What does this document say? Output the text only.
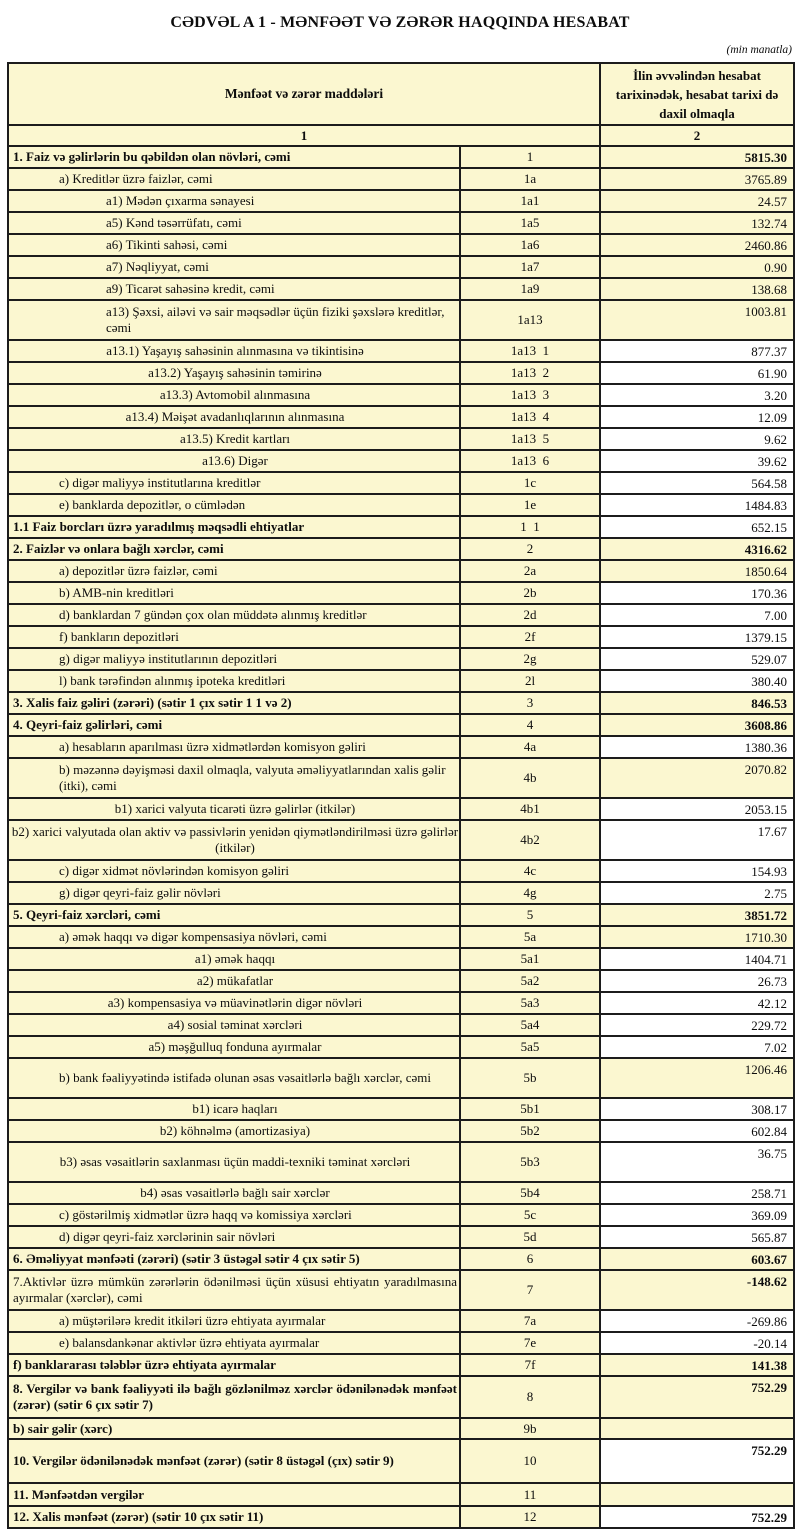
CƏDVƏL A 1 - MƏNFƏƏT VƏ ZƏRƏR HAQQINDA HESABAT
(min manatla)
Mənfəət və zərər maddələri		İlin əvvəlindən hesabat tarixinədək, hesabat tarixi də daxil olmaqla

1		2

1. Faiz və gəlirlərin bu qəbildən olan növləri, cəmi	1	5815.30

a) Kreditlər üzrə faizlər, cəmi	1a	3765.89

a1) Mədən çıxarma sənayesi	1a1	24.57

a5) Kənd təsərrüfatı, cəmi	1a5	132.74

a6) Tikinti sahəsi, cəmi	1a6	2460.86

a7) Nəqliyyat, cəmi	1a7	0.90

a9) Ticarət sahəsinə kredit, cəmi	1a9	138.68

a13) Şəxsi, ailəvi və sair məqsədlər üçün fiziki şəxslərə kreditlər, cəmi	1a13	1003.81

a13.1) Yaşayış sahəsinin alınmasına və tikintisinə	1a13  1	877.37

a13.2) Yaşayış sahəsinin təmirinə	1a13  2	61.90

a13.3) Avtomobil alınmasına	1a13  3	3.20

a13.4) Məişət avadanlıqlarının alınmasına	1a13  4	12.09

a13.5) Kredit kartları	1a13  5	9.62

a13.6) Digər	1a13  6	39.62

c) digər maliyyə institutlarına kreditlər	1c	564.58

e) banklarda depozitlər, o cümlədən	1e	1484.83

1.1 Faiz borcları üzrə yaradılmış məqsədli ehtiyatlar	1  1	652.15

2. Faizlər və onlara bağlı xərclər, cəmi	2	4316.62

a) depozitlər üzrə faizlər, cəmi	2a	1850.64

b) AMB-nin kreditləri	2b	170.36

d) banklardan 7 gündən çox olan müddətə alınmış kreditlər	2d	7.00

f) bankların depozitləri	2f	1379.15

g) digər maliyyə institutlarının depozitləri	2g	529.07

l) bank tərəfindən alınmış ipoteka kreditləri	2l	380.40

3. Xalis faiz gəliri (zərəri) (sətir 1 çıx sətir 1 1 və 2)	3	846.53

4. Qeyri-faiz gəlirləri, cəmi	4	3608.86

a) hesabların aparılması üzrə xidmətlərdən komisyon gəliri	4a	1380.36

b) məzənnə dəyişməsi daxil olmaqla, valyuta əməliyyatlarından xalis gəlir (itki), cəmi	4b	2070.82

b1) xarici valyuta ticarəti üzrə gəlirlər (itkilər)	4b1	2053.15

b2) xarici valyutada olan aktiv və passivlərin yenidən qiymətləndirilməsi üzrə gəlirlər (itkilər)	4b2	17.67

c) digər xidmət növlərindən komisyon gəliri	4c	154.93

g) digər qeyri-faiz gəlir növləri	4g	2.75

5. Qeyri-faiz xərcləri, cəmi	5	3851.72

a) əmək haqqı və digər kompensasiya növləri, cəmi	5a	1710.30

a1) əmək haqqı	5a1	1404.71

a2) mükafatlar	5a2	26.73

a3) kompensasiya və müavinətlərin digər növləri	5a3	42.12

a4) sosial təminat xərcləri	5a4	229.72

a5) məşğulluq fonduna ayırmalar	5a5	7.02

b) bank fəaliyyətində istifadə olunan əsas vəsaitlərlə bağlı xərclər, cəmi	5b	1206.46

b1) icarə haqları	5b1	308.17

b2) köhnəlmə (amortizasiya)	5b2	602.84

b3) əsas vəsaitlərin saxlanması üçün maddi-texniki təminat xərcləri	5b3	36.75

b4) əsas vəsaitlərlə bağlı sair xərclər	5b4	258.71

c) göstərilmiş xidmətlər üzrə haqq və komissiya xərcləri	5c	369.09

d) digər qeyri-faiz xərclərinin sair növləri	5d	565.87

6. Əməliyyat mənfəəti (zərəri) (sətir 3 üstəgəl sətir 4 çıx sətir 5)	6	603.67

7.Aktivlər üzrə mümkün zərərlərin ödənilməsi üçün xüsusi ehtiyatın yaradılmasına ayırmalar (xərclər), cəmi	7	-148.62

a) müştərilərə kredit itkiləri üzrə ehtiyata ayırmalar	7a	-269.86

e) balansdankənar aktivlər üzrə ehtiyata ayırmalar	7e	-20.14

f) banklararası tələblər üzrə ehtiyata ayırmalar	7f	141.38

8. Vergilər və bank fəaliyyəti ilə bağlı gözlənilməz xərclər ödənilənədək mənfəət (zərər) (sətir 6 çıx sətir 7)	8	752.29

b) sair gəlir (xərc)	9b	

10. Vergilər ödənilənədək mənfəət (zərər) (sətir 8 üstəgəl (çıx) sətir 9)	10	752.29

11. Mənfəətdən vergilər	11	

12. Xalis mənfəət (zərər) (sətir 10 çıx sətir 11)	12	752.29
